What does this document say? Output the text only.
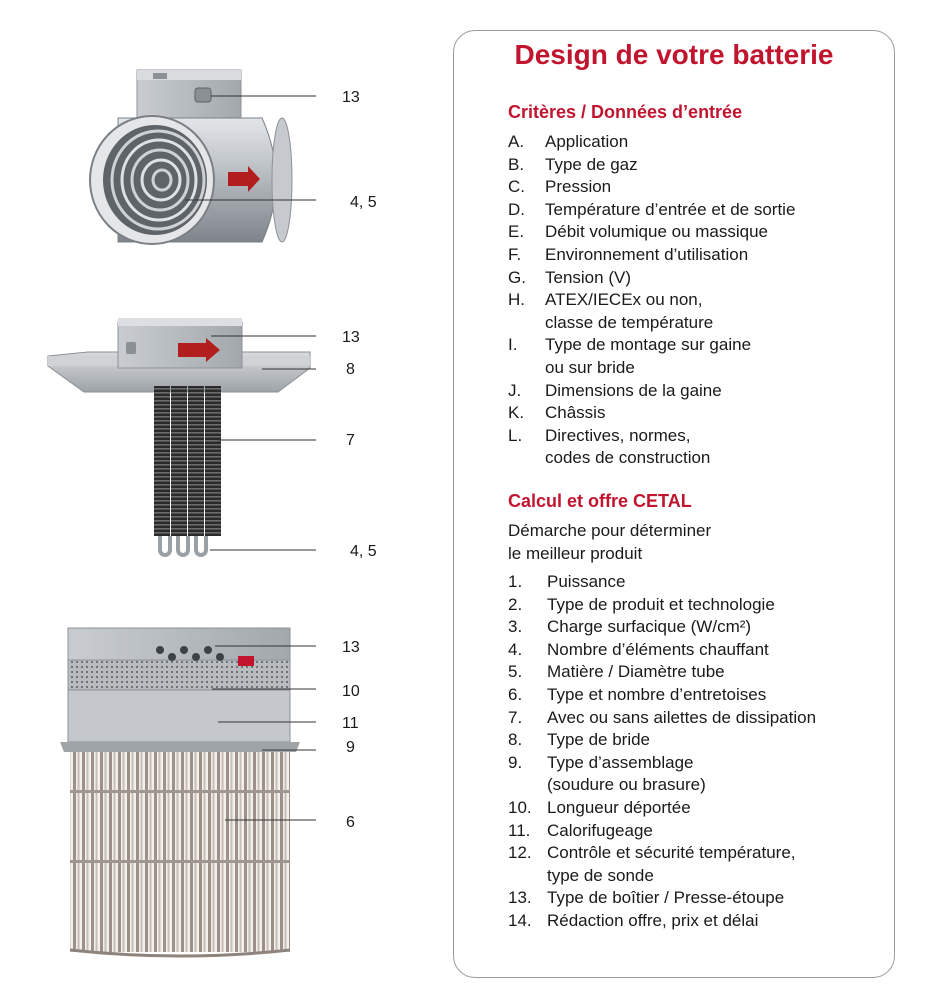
13
4, 5
13
8
7
4, 5
13
10
11
9
6
Design de votre batterie
Critères / Données d’entrée
A. Application
B. Type de gaz
C. Pression
D. Température d’entrée et de sortie
E. Débit volumique ou massique
F. Environnement d’utilisation
G. Tension (V)
H. ATEX/IECEx ou non,
classe de température
I. Type de montage sur gaine
ou sur bride
J. Dimensions de la gaine
K. Châssis
L. Directives, normes,
codes de construction
Calcul et offre CETAL
Démarche pour déterminer
le meilleur produit
1. Puissance
2. Type de produit et technologie
3. Charge surfacique (W/cm²)
4. Nombre d’éléments chauffant
5. Matière / Diamètre tube
6. Type et nombre d’entretoises
7. Avec ou sans ailettes de dissipation
8. Type de bride
9. Type d’assemblage
(soudure ou brasure)
10. Longueur déportée
11. Calorifugeage
12. Contrôle et sécurité température,
type de sonde
13. Type de boîtier / Presse-étoupe
14. Rédaction offre, prix et délai
